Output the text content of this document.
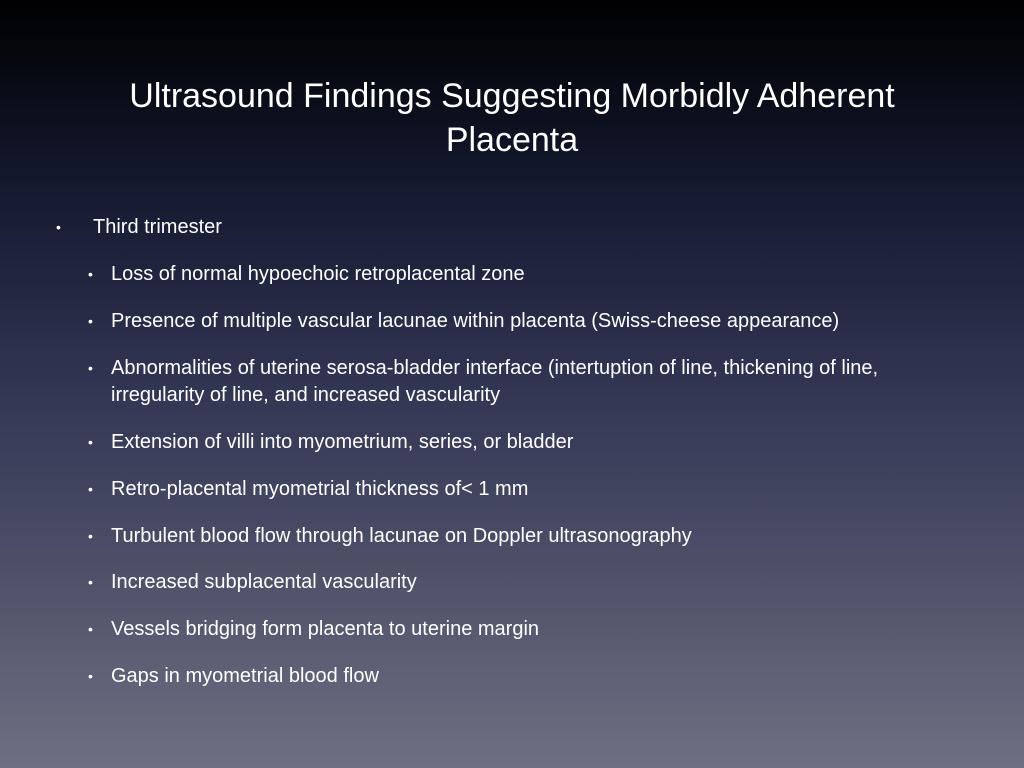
Ultrasound Findings Suggesting Morbidly Adherent Placenta
• Third trimester
• Loss of normal hypoechoic retroplacental zone
• Presence of multiple vascular lacunae within placenta (Swiss-cheese appearance)
• Abnormalities of uterine serosa-bladder interface (intertuption of line, thickening of line, irregularity of line, and increased vascularity
• Extension of villi into myometrium, series, or bladder
• Retro-placental myometrial thickness of< 1 mm
• Turbulent blood flow through lacunae on Doppler ultrasonography
• Increased subplacental vascularity
• Vessels bridging form placenta to uterine margin
• Gaps in myometrial blood flow
